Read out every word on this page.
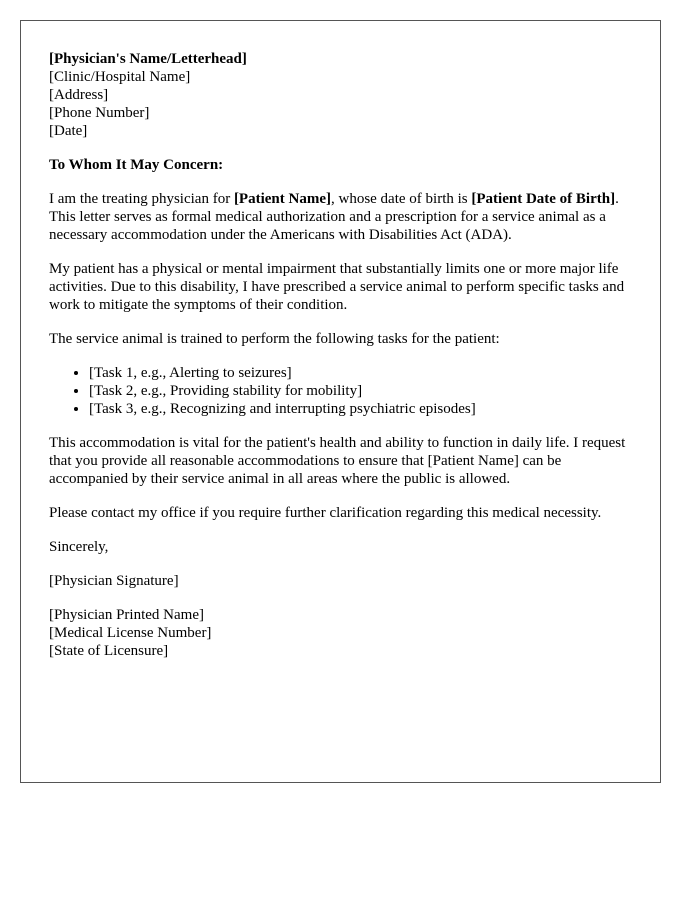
[Physician's Name/Letterhead]
[Clinic/Hospital Name]
[Address]
[Phone Number]
[Date]

To Whom It May Concern:

I am the treating physician for [Patient Name], whose date of birth is [Patient Date of Birth]. This letter serves as formal medical authorization and a prescription for a service animal as a necessary accommodation under the Americans with Disabilities Act (ADA).

My patient has a physical or mental impairment that substantially limits one or more major life activities. Due to this disability, I have prescribed a service animal to perform specific tasks and work to mitigate the symptoms of their condition.

The service animal is trained to perform the following tasks for the patient:

• [Task 1, e.g., Alerting to seizures]
• [Task 2, e.g., Providing stability for mobility]
• [Task 3, e.g., Recognizing and interrupting psychiatric episodes]

This accommodation is vital for the patient's health and ability to function in daily life. I request that you provide all reasonable accommodations to ensure that [Patient Name] can be accompanied by their service animal in all areas where the public is allowed.

Please contact my office if you require further clarification regarding this medical necessity.

Sincerely,

[Physician Signature]

[Physician Printed Name]
[Medical License Number]
[State of Licensure]
